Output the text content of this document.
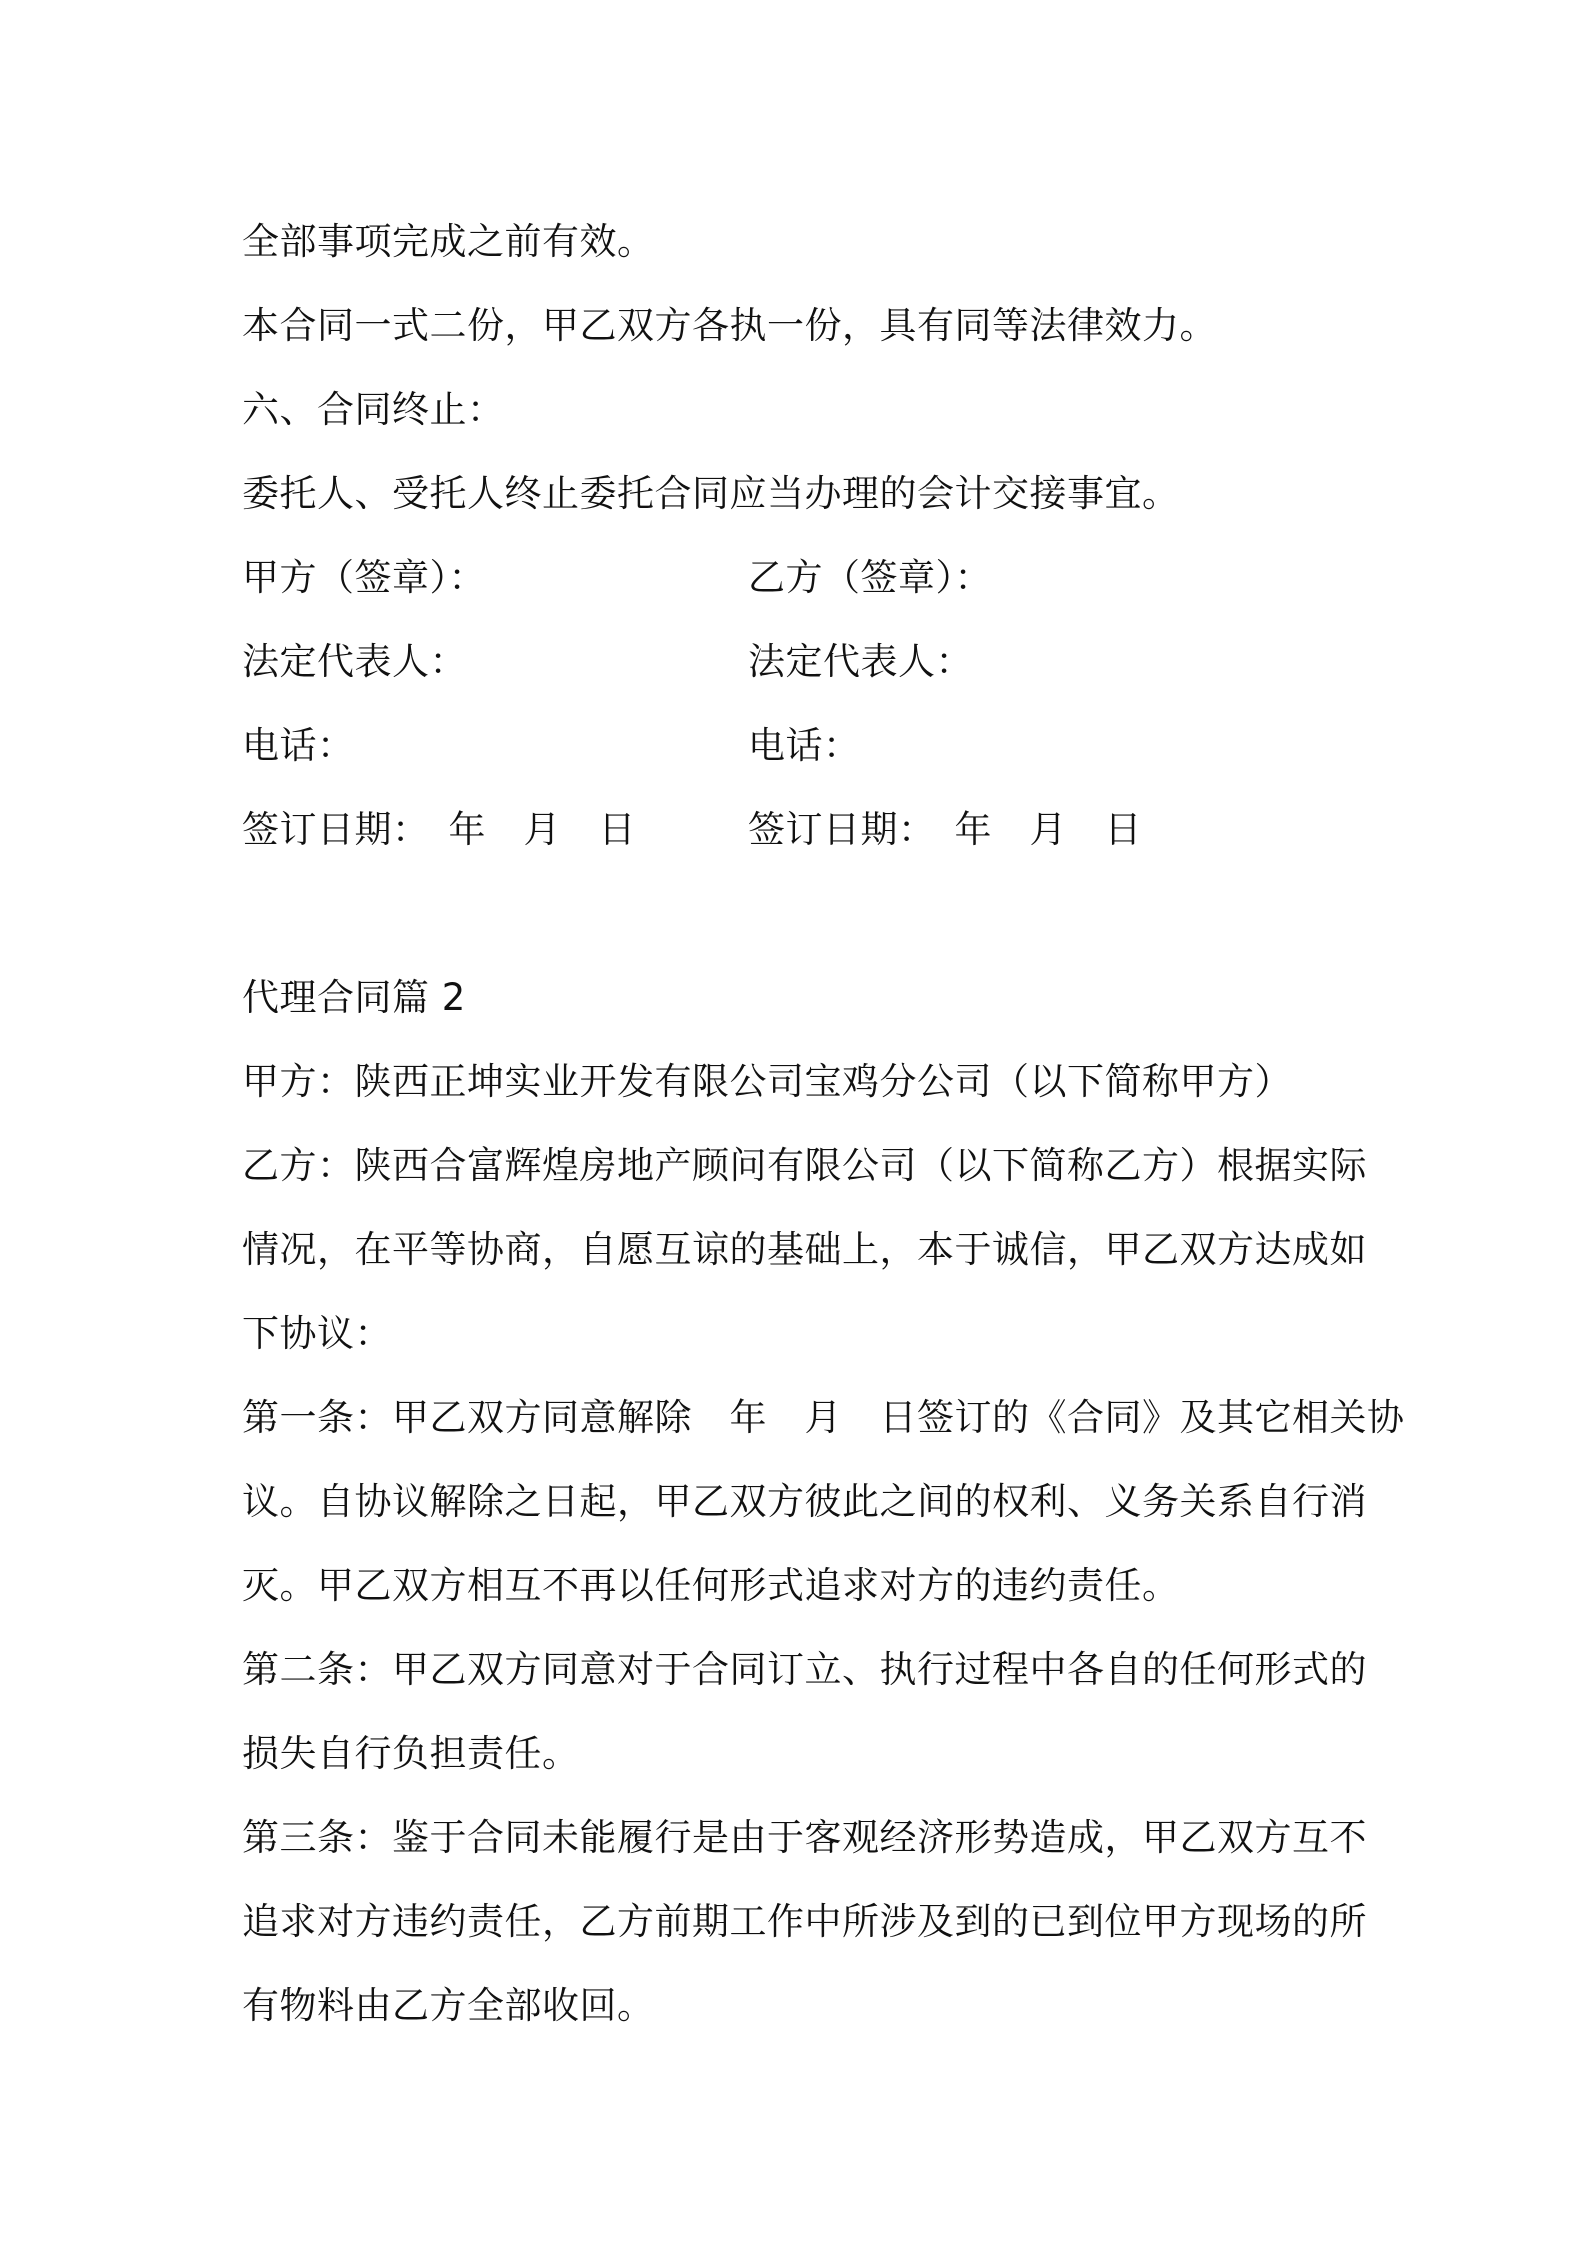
全部事项完成之前有效。
本合同一式二份，甲乙双方各执一份，具有同等法律效力。
六、合同终止：
委托人、受托人终止委托合同应当办理的会计交接事宜。
甲方（签章）：	乙方（签章）：
法定代表人：	法定代表人：
电话：	电话：
签订日期：　年　月　日	签订日期：　年　月　日
代理合同篇 2
甲方：陕西正坤实业开发有限公司宝鸡分公司（以下简称甲方）
乙方：陕西合富辉煌房地产顾问有限公司（以下简称乙方）根据实际
情况，在平等协商，自愿互谅的基础上，本于诚信，甲乙双方达成如
下协议：
第一条：甲乙双方同意解除　年　月　日签订的《合同》及其它相关协
议。自协议解除之日起，甲乙双方彼此之间的权利、义务关系自行消
灭。甲乙双方相互不再以任何形式追求对方的违约责任。
第二条：甲乙双方同意对于合同订立、执行过程中各自的任何形式的
损失自行负担责任。
第三条：鉴于合同未能履行是由于客观经济形势造成，甲乙双方互不
追求对方违约责任，乙方前期工作中所涉及到的已到位甲方现场的所
有物料由乙方全部收回。
